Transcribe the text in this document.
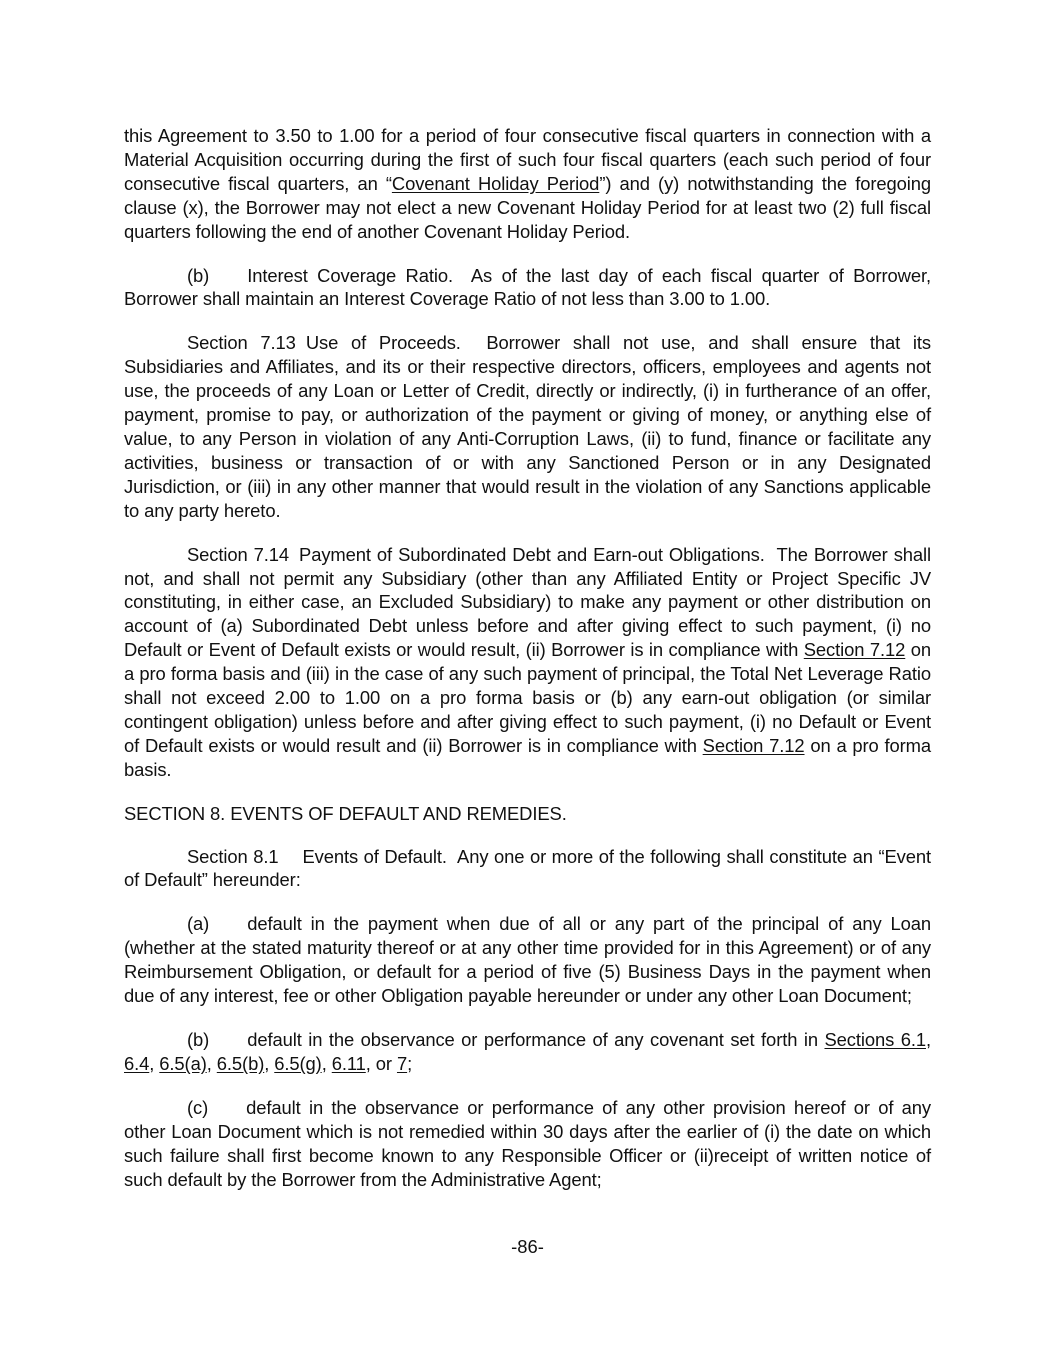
this Agreement to 3.50 to 1.00 for a period of four consecutive fiscal quarters in connection with a Material Acquisition occurring during the first of such four fiscal quarters (each such period of four consecutive fiscal quarters, an “Covenant Holiday Period”) and (y) notwithstanding the foregoing clause (x), the Borrower may not elect a new Covenant Holiday Period for at least two (2) full fiscal quarters following the end of another Covenant Holiday Period.

(b) Interest Coverage Ratio. As of the last day of each fiscal quarter of Borrower, Borrower shall maintain an Interest Coverage Ratio of not less than 3.00 to 1.00.

Section 7.13 Use of Proceeds. Borrower shall not use, and shall ensure that its Subsidiaries and Affiliates, and its or their respective directors, officers, employees and agents not use, the proceeds of any Loan or Letter of Credit, directly or indirectly, (i) in furtherance of an offer, payment, promise to pay, or authorization of the payment or giving of money, or anything else of value, to any Person in violation of any Anti-Corruption Laws, (ii) to fund, finance or facilitate any activities, business or transaction of or with any Sanctioned Person or in any Designated Jurisdiction, or (iii) in any other manner that would result in the violation of any Sanctions applicable to any party hereto.

Section 7.14 Payment of Subordinated Debt and Earn-out Obligations. The Borrower shall not, and shall not permit any Subsidiary (other than any Affiliated Entity or Project Specific JV constituting, in either case, an Excluded Subsidiary) to make any payment or other distribution on account of (a) Subordinated Debt unless before and after giving effect to such payment, (i) no Default or Event of Default exists or would result, (ii) Borrower is in compliance with Section 7.12 on a pro forma basis and (iii) in the case of any such payment of principal, the Total Net Leverage Ratio shall not exceed 2.00 to 1.00 on a pro forma basis or (b) any earn-out obligation (or similar contingent obligation) unless before and after giving effect to such payment, (i) no Default or Event of Default exists or would result and (ii) Borrower is in compliance with Section 7.12 on a pro forma basis.

SECTION 8. EVENTS OF DEFAULT AND REMEDIES.

Section 8.1 Events of Default. Any one or more of the following shall constitute an “Event of Default” hereunder:

(a) default in the payment when due of all or any part of the principal of any Loan (whether at the stated maturity thereof or at any other time provided for in this Agreement) or of any Reimbursement Obligation, or default for a period of five (5) Business Days in the payment when due of any interest, fee or other Obligation payable hereunder or under any other Loan Document;

(b) default in the observance or performance of any covenant set forth in Sections 6.1, 6.4, 6.5(a), 6.5(b), 6.5(g), 6.11, or 7;

(c) default in the observance or performance of any other provision hereof or of any other Loan Document which is not remedied within 30 days after the earlier of (i) the date on which such failure shall first become known to any Responsible Officer or (ii)receipt of written notice of such default by the Borrower from the Administrative Agent;

-86-
